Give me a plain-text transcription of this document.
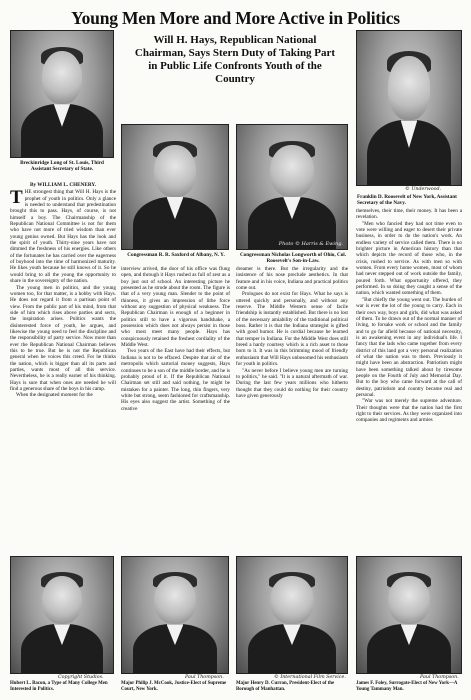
Young Men More and More Active in Politics
Will H. Hays, Republican National Chairman, Says Stern Duty of Taking Part in Public Life Confronts Youth of the Country
Breckinridge Long of St. Louis, Third Assistant Secretary of State.
© Underwood.
Franklin D. Roosevelt of New York, Assistant Secretary of the Navy.
Congressman R. R. Saxford of Albany, N. Y.
Photo © Harris & Ewing.
Congressman Nicholas Longworth of Ohio, Col. Roosevelt's Son-in-Law.

By WILLIAM L. CHENERY.

THE strongest thing that Will H. Hays is the prophet of youth in politics. Only a glance is needed to understand that predestination brought this to pass. Hays, of course, is not himself a boy. The Chairmanship of the Republican National Committee is not for them who have not more of tried wisdom than ever young genius owned. But Hays has the look and the spirit of youth. Thirty-nine years have not dimmed the freshness of his energies. Like others of the fortunates he has carried over the eagerness of boyhood into the time of harmonized maturity. He likes youth because he still knows of it. So he would bring to all the young the opportunity to share in the sovereignty of the nation.

The young men in politics, and the young women too, for that matter, is a hobby with Hays. He does not regard it from a partisan point of view. From the public part of his mind, from that side of him which rises above parties and sects, the inspiration arises. Politics wants the disinterested force of youth, he argues, and likewise the young need to feel the discipline and the responsibility of party service. Now more than ever the Republican National Chairman believes this to be true. But he is not the Republican general when he voices this creed. For he thinks the nation, which is bigger than all its parts and parties, wants most of all this service. Nevertheless, he is a really earner of his thinking. Hays is sure that when ones are needed he will find a generous share of the boys in his camp.

When the designated moment for the

interview arrived, the door of his office was flung open, and through it Hays rushed as full of zest as a boy just out of school. An interesting picture he presented as he strode about the room. The figure is that of a very young man. Slender to the point of thinness, it gives an impression of lithe force without any suggestion of physical weakness. The Republican Chairman is enough of a beginner in politics still to have a vigorous handshake, a possession which does not always persist in those who most meet many people. Hays has conspicuously retained the freshest cordiality of the Middle West.

Two years of the East have had their effects, but Indiana is not to be effaced. Despite that air of the metropolis which sartorial money suggests, Hays continues to be a son of the middle border, and he is probably proud of it. If the Republican National Chairman set still and said nothing, he might be mistaken for a painter. The long, thin fingers, very white but strong, seem fashioned for craftsmanship. His eyes also suggest the artist. Something of the creative

dreamer is there. But the irregularity and the insistence of his nose preclude aesthetics. In that feature and in his voice, Indiana and practical politics come out.

Prologues do not exist for Hays. What he says is uttered quickly and personally, and without any reserve. The Middle Western sense of facile friendship is instantly established. But there is no lost of the necessary amiability of the traditional political boss. Rather it is that the Indiana strategist is gifted with good humor. He is cordial because he learned that temper in Indiana. For the Middle West does still breed a hardy courtesy which is a rich asset to those born to it. It was in this brimming mood of friendly enthusiasm that Will Hays unbosomed his enthusiasm for youth in politics.

"As never before I believe young men are turning to politics," he said. "It is a natural aftermath of war. During the last few years millions who hitherto thought that they could do nothing for their country have given generously

themselves, their time, their money. It has been a revelation.

"Men who fancied they had not time even to vote were willing and eager to desert their private business, in order to do the nation's work. An endless variety of service called them. There is no brighter picture in American history than that which depicts the record of those who, in the crisis, rushed to service. As with men so with women. From every home women, most of whom had never stepped out of work outside the family, poured forth. What opportunity offered, they performed. In so doing they caught a sense of the nation, which wanted something of them.

"But chiefly the young went out. The burden of war is ever the lot of the young to carry. Each in their own way, boys and girls, did what was asked of them. To be drawn out of the normal manner of living, to forsake work or school and the family and to go far afield because of national necessity, is an awakening event in any individual's life. I fancy that the lads who came together from every district of this land got a very personal realization of what the nation was to them. Previously it might have been an abstraction. Patriotism might have been something talked about by tiresome people on the Fourth of July and Memorial Day. But to the boy who came forward at the call of destiny, patriotism and country became real and personal.

"War was not merely the supreme adventure. Their thoughts were that the nation had the first right to their services. As they were organized into companies and regiments and armies

Copyright Studios.
Hubert L. Bacon, a Type of Many College Men Interested in Politics.
Paul Thompson.
Major Philip J. McCook, Justice-Elect of Supreme Court, New York.
© International Film Service.
Major Henry D. Curran, President-Elect of the Borough of Manhattan.
Paul Thompson.
James F. Foley, Surrogate-Elect of New York—A Young Tammany Man.
